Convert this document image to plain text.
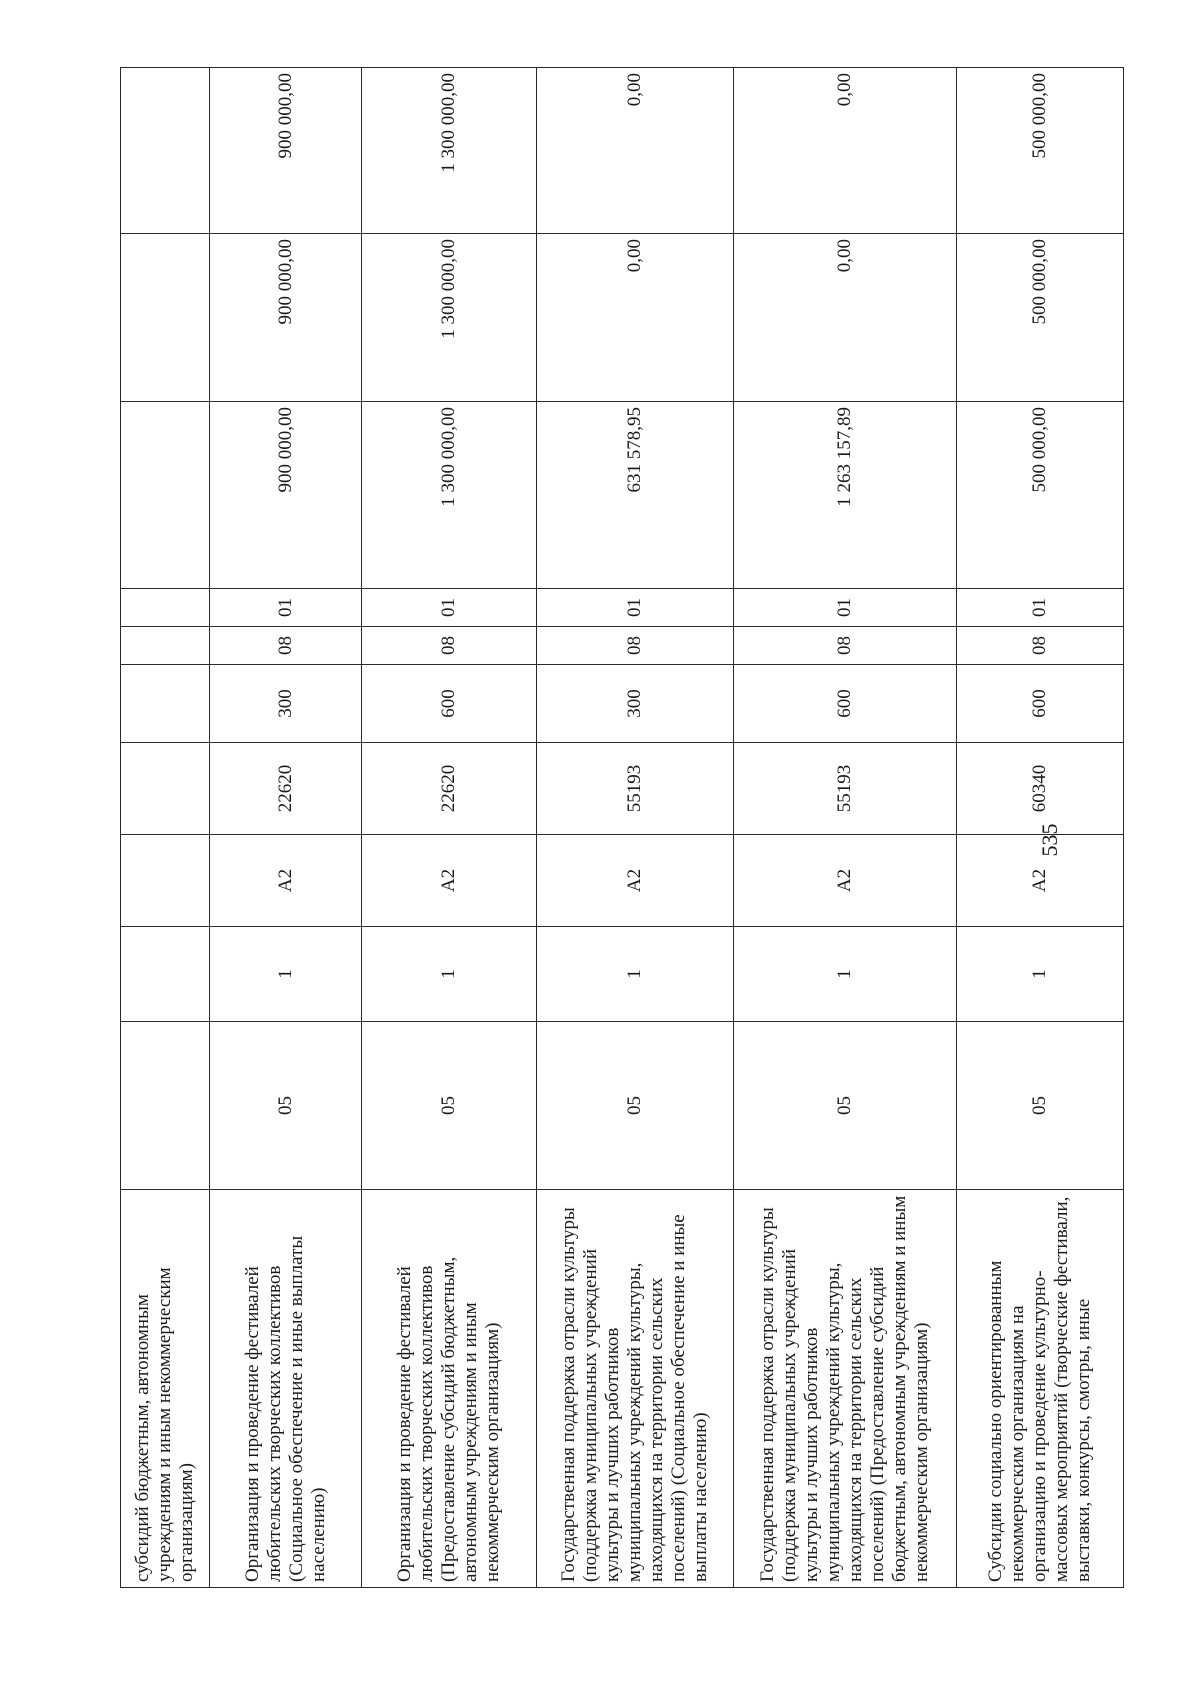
535
субсидий бюджетным, автономным учреждениям и иным некоммерческим организациям)										
Организация и проведение фестивалей любительских творческих коллективов (Социальное обеспечение и иные выплаты населению)	05	1	А2	22620	300	08	01	900 000,00	900 000,00	900 000,00
Организация и проведение фестивалей любительских творческих коллективов (Предоставление субсидий бюджетным, автономным учреждениям и иным некоммерческим организациям)	05	1	А2	22620	600	08	01	1 300 000,00	1 300 000,00	1 300 000,00
Государственная поддержка отрасли культуры (поддержка муниципальных учреждений культуры и лучших работников муниципальных учреждений культуры, находящихся на территории сельских поселений) (Социальное обеспечение и иные выплаты населению)	05	1	А2	55193	300	08	01	631 578,95	0,00	0,00
Государственная поддержка отрасли культуры (поддержка муниципальных учреждений культуры и лучших работников муниципальных учреждений культуры, находящихся на территории сельских поселений) (Предоставление субсидий бюджетным, автономным учреждениям и иным некоммерческим организациям)	05	1	А2	55193	600	08	01	1 263 157,89	0,00	0,00
Субсидии социально ориентированным некоммерческим организациям на организацию и проведение культурно-массовых мероприятий (творческие фестивали, выставки, конкурсы, смотры, иные	05	1	А2	60340	600	08	01	500 000,00	500 000,00	500 000,00
